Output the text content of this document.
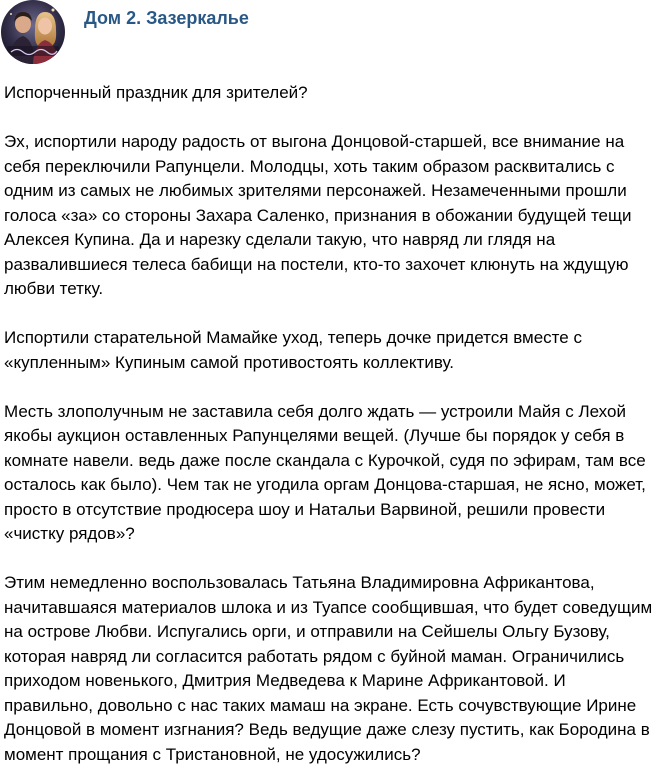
Дом 2. Зазеркалье

Испорченный праздник для зрителей?

Эх, испортили народу радость от выгона Донцовой-старшей, все внимание на

себя переключили Рапунцели. Молодцы, хоть таким образом расквитались с

одним из самых не любимых зрителями персонажей. Незамеченными прошли

голоса «за» со стороны Захара Саленко, признания в обожании будущей тещи

Алексея Купина. Да и нарезку сделали такую, что навряд ли глядя на

развалившиеся телеса бабищи на постели, кто-то захочет клюнуть на ждущую

любви тетку.

Испортили старательной Мамайке уход, теперь дочке придется вместе с

«купленным» Купиным самой противостоять коллективу.

Месть злополучным не заставила себя долго ждать — устроили Майя с Лехой

якобы аукцион оставленных Рапунцелями вещей. (Лучше бы порядок у себя в

комнате навели. ведь даже после скандала с Курочкой, судя по эфирам, там все

осталось как было). Чем так не угодила оргам Донцова-старшая, не ясно, может,

просто в отсутствие продюсера шоу и Натальи Варвиной, решили провести

«чистку рядов»?

Этим немедленно воспользовалась Татьяна Владимировна Африкантова,

начитавшаяся материалов шлока и из Туапсе сообщившая, что будет соведущим

на острове Любви. Испугались орги, и отправили на Сейшелы Ольгу Бузову,

которая навряд ли согласится работать рядом с буйной маман. Ограничились

приходом новенького, Дмитрия Медведева к Марине Африкантовой. И

правильно, довольно с нас таких мамаш на экране. Есть сочувствующие Ирине

Донцовой в момент изгнания? Ведь ведущие даже слезу пустить, как Бородина в

момент прощания с Тристановной, не удосужились?
